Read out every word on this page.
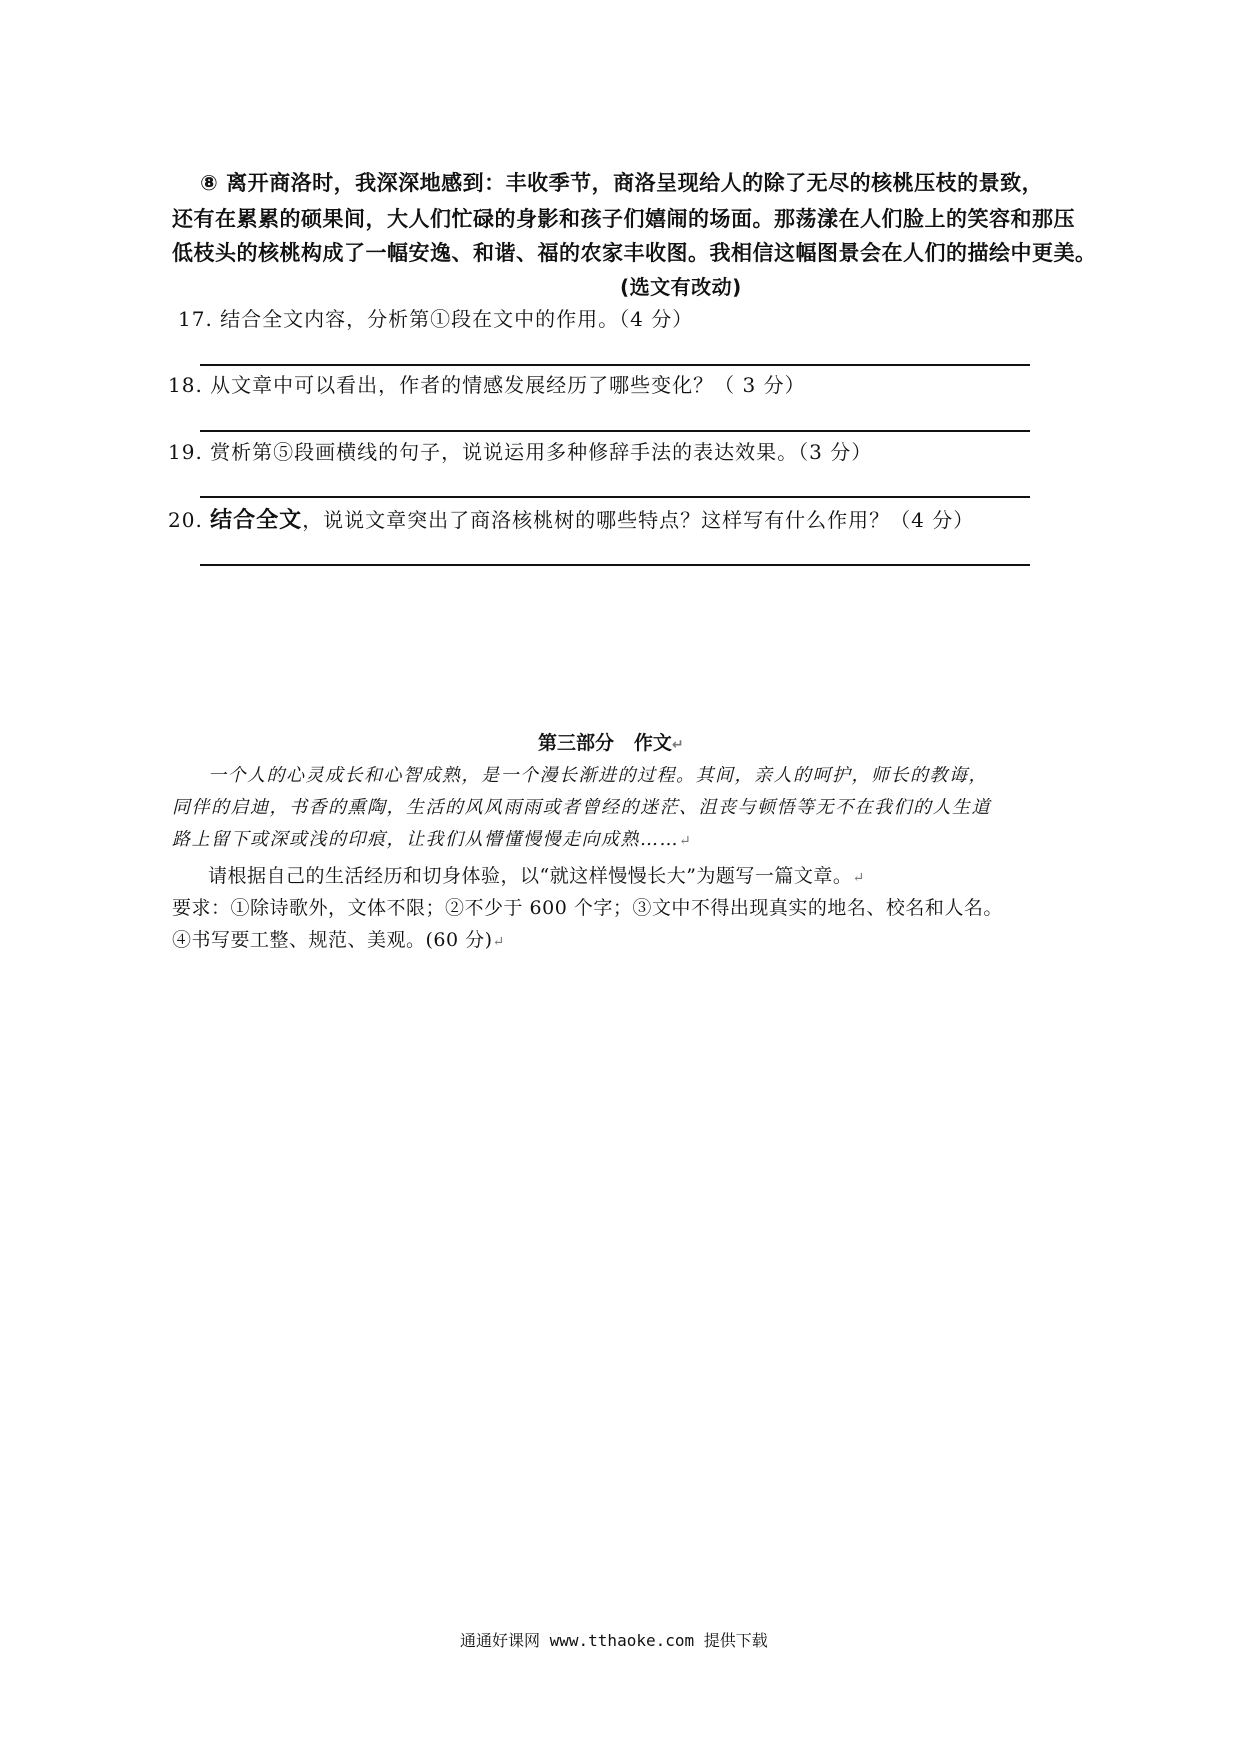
⑧ 离开商洛时，我深深地感到：丰收季节，商洛呈现给人的除了无尽的核桃压枝的景致，
还有在累累的硕果间，大人们忙碌的身影和孩子们嬉闹的场面。那荡漾在人们脸上的笑容和那压
低枝头的核桃构成了一幅安逸、和谐、福的农家丰收图。我相信这幅图景会在人们的描绘中更美。
(选文有改动)
17. 结合全文内容，分析第①段在文中的作用。（4 分）
18. 从文章中可以看出，作者的情感发展经历了哪些变化？（ 3 分）
19. 赏析第⑤段画横线的句子，说说运用多种修辞手法的表达效果。（3 分）
20. 结合全文，说说文章突出了商洛核桃树的哪些特点？这样写有什么作用？（4 分）
第三部分   作文↵
一个人的心灵成长和心智成熟，是一个漫长渐进的过程。其间，亲人的呵护，师长的教诲，
同伴的启迪，书香的熏陶，生活的风风雨雨或者曾经的迷茫、沮丧与顿悟等无不在我们的人生道
路上留下或深或浅的印痕，让我们从懵懂慢慢走向成熟……↵
请根据自己的生活经历和切身体验，以“就这样慢慢长大”为题写一篇文章。↵
要求：①除诗歌外，文体不限；②不少于 600 个字；③文中不得出现真实的地名、校名和人名。
④书写要工整、规范、美观。(60 分)↵
通通好课网 www.tthaoke.com 提供下载
